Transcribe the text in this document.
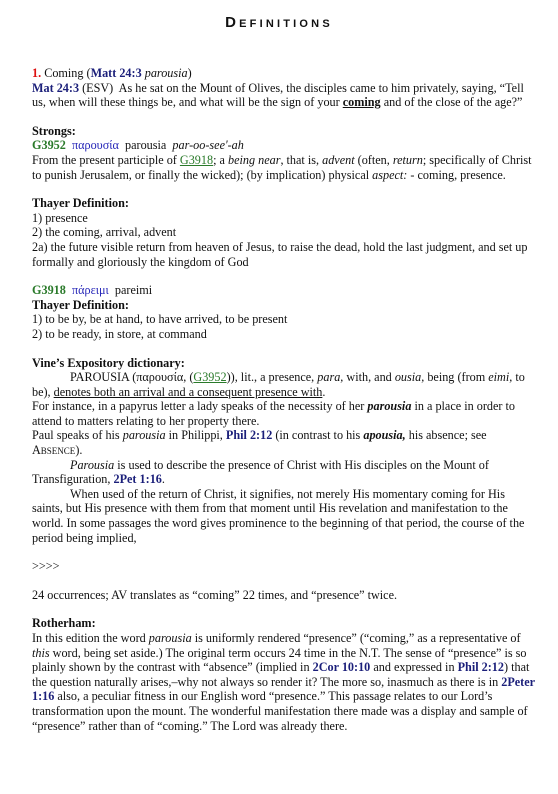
Definitions

1. Coming (Matt 24:3 parousia)

Mat 24:3 (ESV) As he sat on the Mount of Olives, the disciples came to him privately, saying, “Tell us, when will these things be, and what will be the sign of your coming and of the close of the age?”

Strongs:

G3952 παρουσία parousia par-oo-see'-ah

From the present participle of G3918; a being near, that is, advent (often, return; specifically of Christ to punish Jerusalem, or finally the wicked); (by implication) physical aspect: - coming, presence.

Thayer Definition:

1) presence

2) the coming, arrival, advent

2a) the future visible return from heaven of Jesus, to raise the dead, hold the last judgment, and set up formally and gloriously the kingdom of God

G3918 πάρειμι pareimi

Thayer Definition:

1) to be by, be at hand, to have arrived, to be present

2) to be ready, in store, at command

Vine’s Expository dictionary:

PAROUSIA (παρουσία, (G3952)), lit., a presence, para, with, and ousia, being (from eimi, to be), denotes both an arrival and a consequent presence with.

For instance, in a papyrus letter a lady speaks of the necessity of her parousia in a place in order to attend to matters relating to her property there.

Paul speaks of his parousia in Philippi, Phil 2:12 (in contrast to his apousia, his absence; see Absence).

Parousia is used to describe the presence of Christ with His disciples on the Mount of Transfiguration, 2Pet 1:16.

When used of the return of Christ, it signifies, not merely His momentary coming for His saints, but His presence with them from that moment until His revelation and manifestation to the world. In some passages the word gives prominence to the beginning of that period, the course of the period being implied,

>>>>

24 occurrences; AV translates as “coming” 22 times, and “presence” twice.

Rotherham:

In this edition the word parousia is uniformly rendered “presence” (“coming,” as a representative of this word, being set aside.) The original term occurs 24 time in the N.T. The sense of “presence” is so plainly shown by the contrast with “absence” (implied in 2Cor 10:10 and expressed in Phil 2:12) that the question naturally arises,–why not always so render it? The more so, inasmuch as there is in 2Peter 1:16 also, a peculiar fitness in our English word “presence.” This passage relates to our Lord’s transformation upon the mount. The wonderful manifestation there made was a display and sample of “presence” rather than of “coming.” The Lord was already there.
